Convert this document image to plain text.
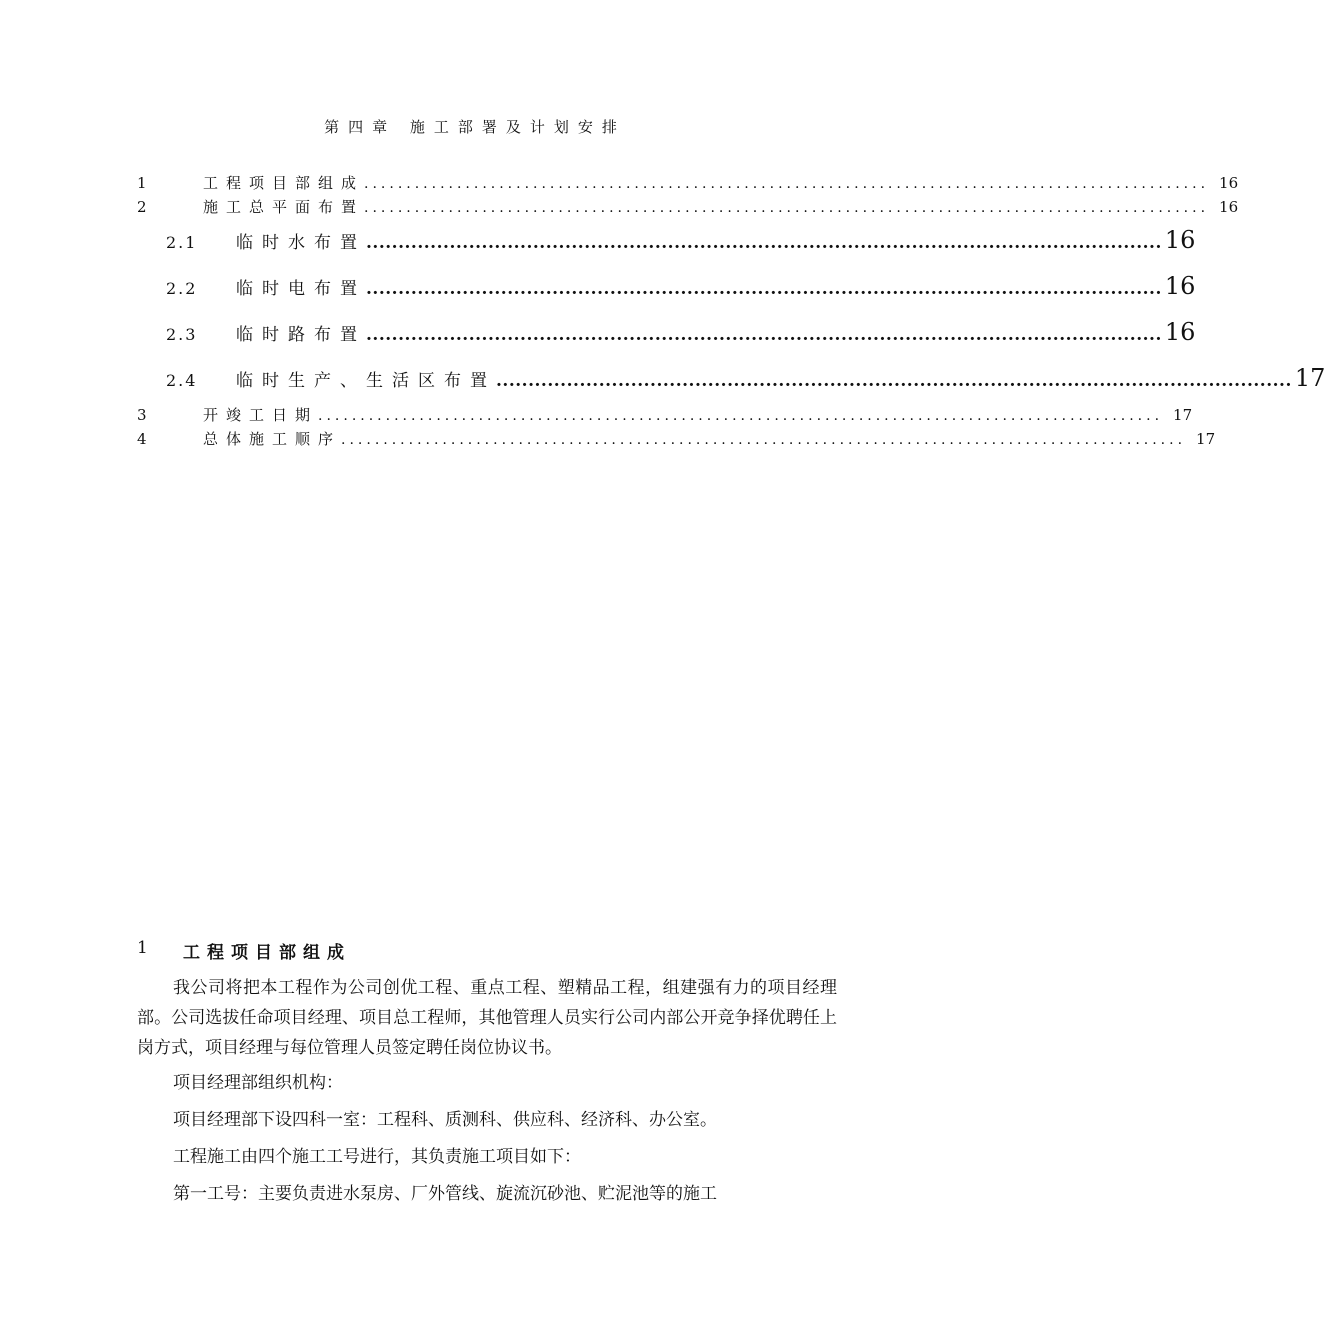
第四章 施工部署及计划安排
1	工程项目部组成 .................................................................................................... 16
2	施工总平面布置 .................................................................................................... 16
2.1	临时水布置 ............................................................................................................................ 16
2.2	临时电布置 ............................................................................................................................ 16
2.3	临时路布置 ............................................................................................................................ 16
2.4	临时生产、生活区布置 ............................................................................................................................ 17
3	开竣工日期 .................................................................................................... 17
4	总体施工顺序 .................................................................................................... 17
1	工程项目部组成

我公司将把本工程作为公司创优工程、重点工程、塑精品工程，组建强有力的项目经理部。公司选拔任命项目经理、项目总工程师，其他管理人员实行公司内部公开竞争择优聘任上岗方式，项目经理与每位管理人员签定聘任岗位协议书。

项目经理部组织机构：

项目经理部下设四科一室：工程科、质测科、供应科、经济科、办公室。

工程施工由四个施工工号进行，其负责施工项目如下：

第一工号：主要负责进水泵房、厂外管线、旋流沉砂池、贮泥池等的施工
